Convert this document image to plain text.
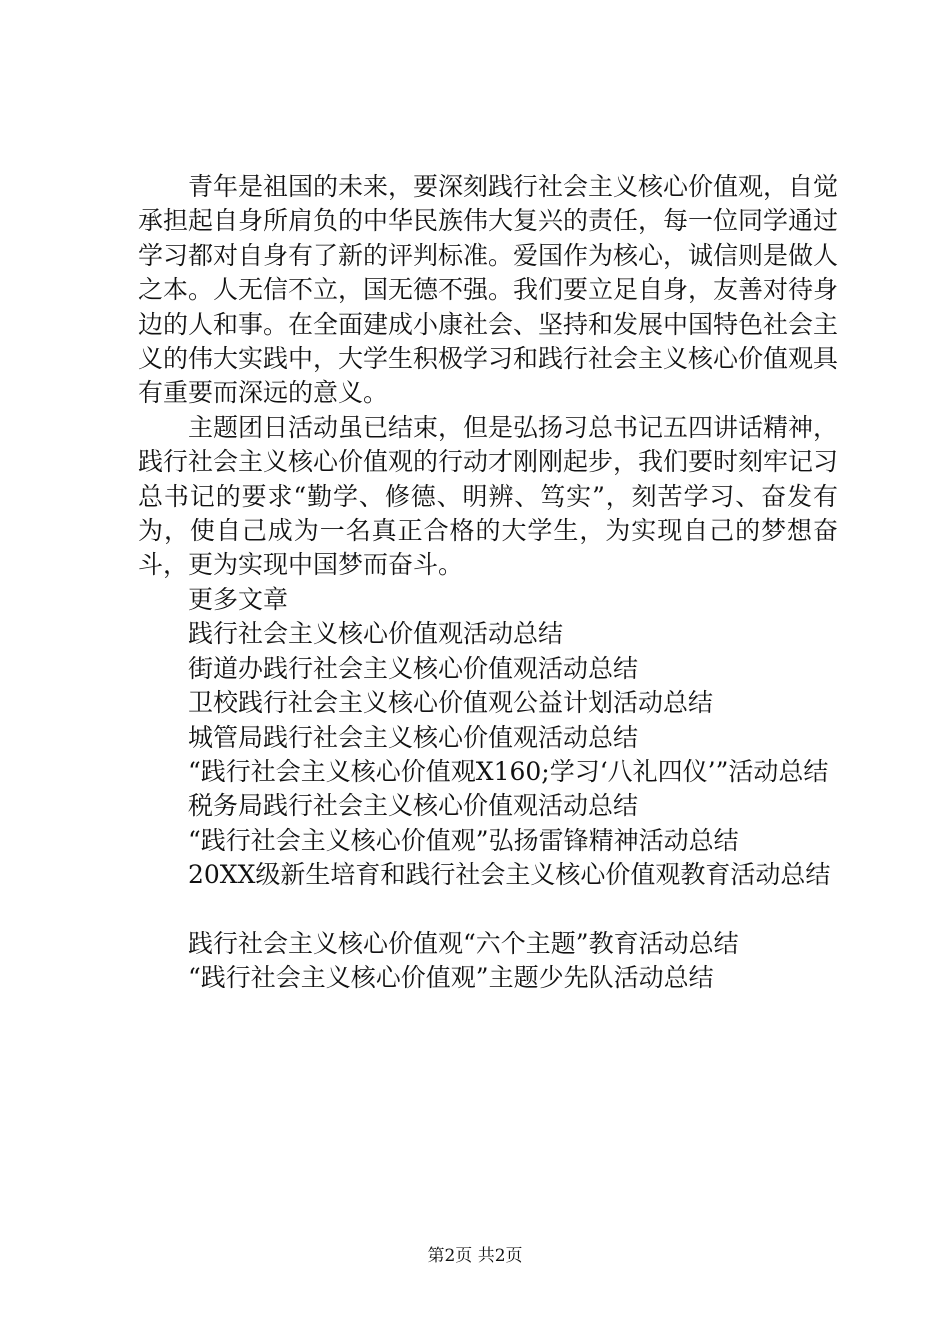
青年是祖国的未来，要深刻践行社会主义核心价值观，自觉承担起自身所肩负的中华民族伟大复兴的责任，每一位同学通过学习都对自身有了新的评判标准。爱国作为核心，诚信则是做人之本。人无信不立，国无德不强。我们要立足自身，友善对待身边的人和事。在全面建成小康社会、坚持和发展中国特色社会主义的伟大实践中，大学生积极学习和践行社会主义核心价值观具有重要而深远的意义。

主题团日活动虽已结束，但是弘扬习总书记五四讲话精神，践行社会主义核心价值观的行动才刚刚起步，我们要时刻牢记习总书记的要求“勤学、修德、明辨、笃实”，刻苦学习、奋发有为，使自己成为一名真正合格的大学生，为实现自己的梦想奋斗，更为实现中国梦而奋斗。

更多文章

践行社会主义核心价值观活动总结
街道办践行社会主义核心价值观活动总结
卫校践行社会主义核心价值观公益计划活动总结
城管局践行社会主义核心价值观活动总结
“践行社会主义核心价值观X160;学习‘八礼四仪’”活动总结
税务局践行社会主义核心价值观活动总结
“践行社会主义核心价值观”弘扬雷锋精神活动总结
20XX级新生培育和践行社会主义核心价值观教育活动总结
践行社会主义核心价值观“六个主题”教育活动总结
“践行社会主义核心价值观”主题少先队活动总结
第2页 共2页
